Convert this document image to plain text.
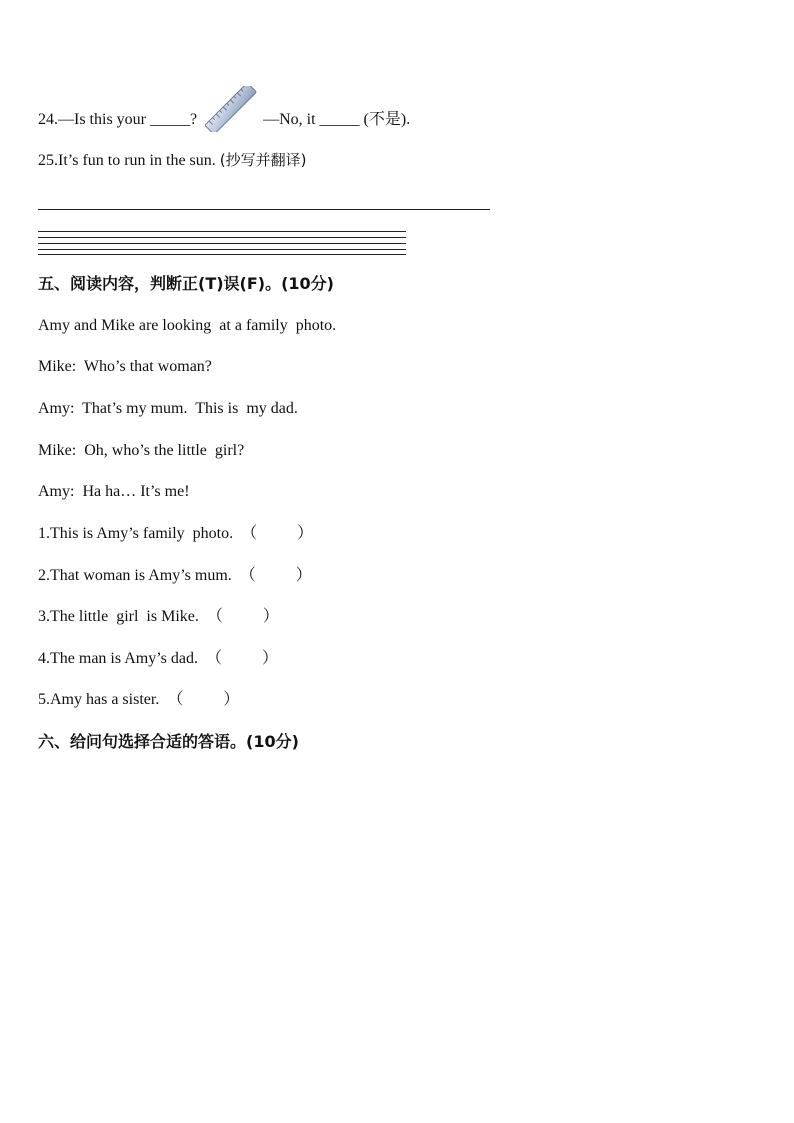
24.—Is this your _____?	—No, it _____ (不是).
25.It’s fun to run in the sun. (抄写并翻译)
五、阅读内容，判断正(T)误(F)。(10分)
Amy and Mike are looking  at a family  photo.
Mike:  Who’s that woman?
Amy:  That’s my mum.  This is  my dad.
Mike:  Oh, who’s the little  girl?
Amy:  Ha ha… It’s me!
1.This is Amy’s family  photo. （          ）
2.That woman is Amy’s mum. （          ）
3.The little  girl  is Mike. （          ）
4.The man is Amy’s dad. （          ）
5.Amy has a sister. （          ）
六、给问句选择合适的答语。(10分)
